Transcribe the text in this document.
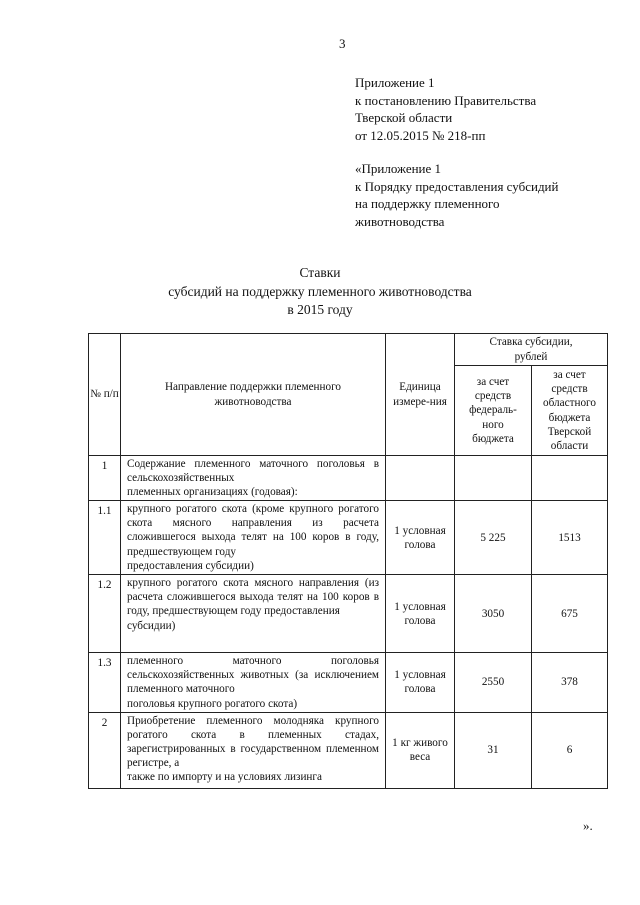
3
Приложение 1
к постановлению Правительства
Тверской области
от 12.05.2015 № 218-пп
«Приложение 1
к Порядку предоставления субсидий
на поддержку племенного
животноводства
Ставки
субсидий на поддержку племенного животноводства
в 2015 году
№ п/п	Направление поддержки племенного животноводства	Единица измере-ния	Ставка субсидии, рублей	
			за счет средств федераль-ного бюджета	за счет средств областного бюджета Тверской области
1	Содержание племенного маточного поголовья в сельскохозяйственных
племенных организациях (годовая):			

1.1	крупного рогатого скота (кроме крупного рогатого скота мясного направления из расчета сложившегося выхода телят на 100 коров в году, предшествующем году
предоставления субсидии)	1 условная голова	5 225	1513
1.2	крупного рогатого скота мясного направления (из расчета сложившегося выхода телят на 100 коров в году, предшествующем году предоставления
субсидии)	1 условная голова	3050	675
1.3	племенного маточного поголовья сельскохозяйственных животных (за исключением племенного маточного
поголовья крупного рогатого скота)	1 условная голова	2550	378
2	Приобретение племенного молодняка крупного рогатого скота в племенных стадах, зарегистрированных в государственном племенном регистре, а
также по импорту и на условиях лизинга	1 кг живого веса	31	6
».
